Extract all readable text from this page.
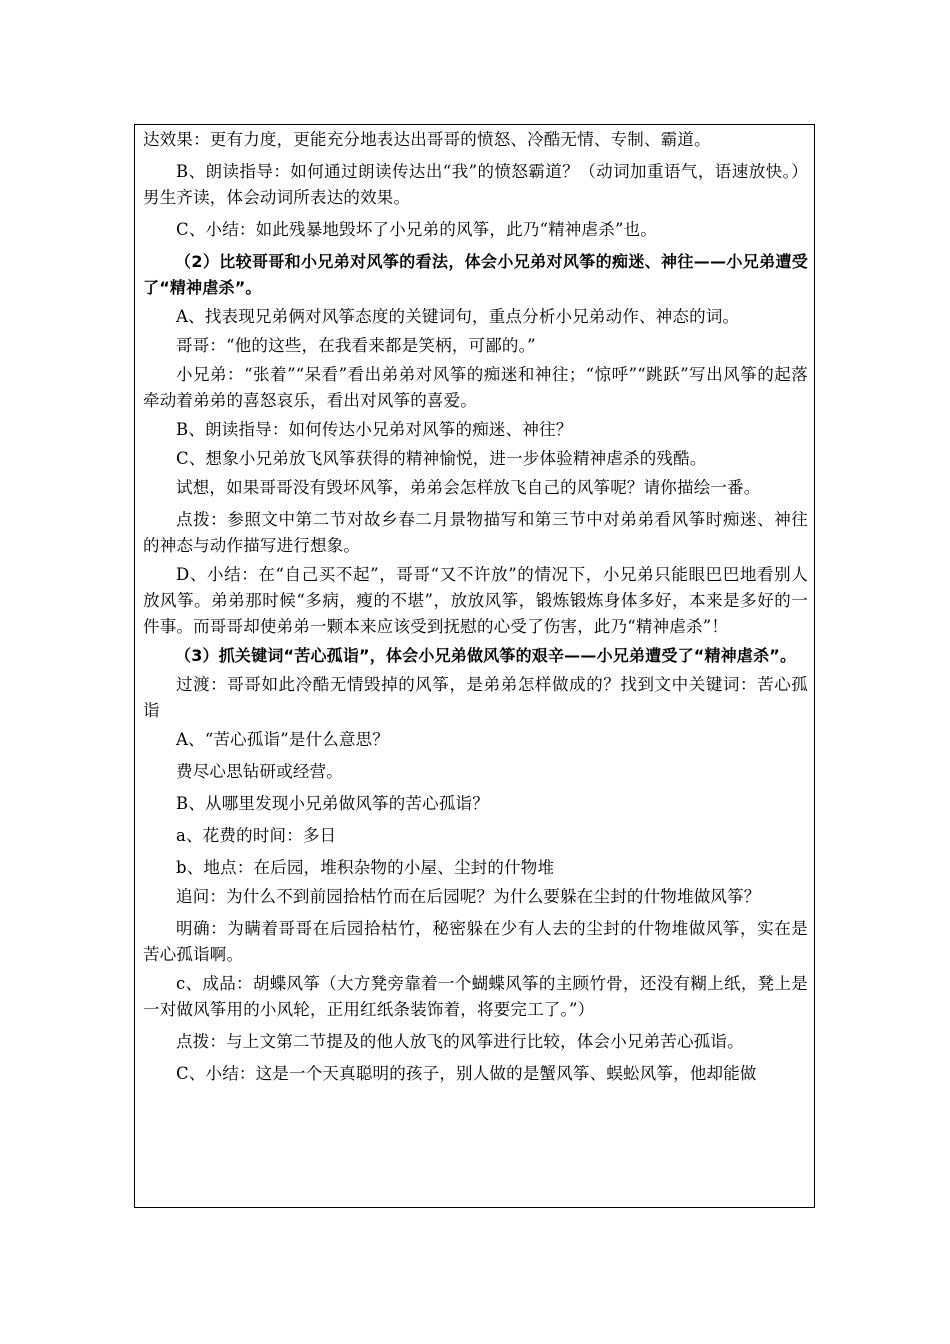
达效果：更有力度，更能充分地表达出哥哥的愤怒、冷酷无情、专制、霸道。

B、朗读指导：如何通过朗读传达出“我”的愤怒霸道？（动词加重语气，语速放快。）男生齐读，体会动词所表达的效果。

C、小结：如此残暴地毁坏了小兄弟的风筝，此乃“精神虐杀”也。

（2）比较哥哥和小兄弟对风筝的看法，体会小兄弟对风筝的痴迷、神往——小兄弟遭受了“精神虐杀”。

A、找表现兄弟俩对风筝态度的关键词句，重点分析小兄弟动作、神态的词。

哥哥：“他的这些，在我看来都是笑柄，可鄙的。”

小兄弟：“张着”“呆看”看出弟弟对风筝的痴迷和神往；“惊呼”“跳跃”写出风筝的起落牵动着弟弟的喜怒哀乐，看出对风筝的喜爱。

B、朗读指导：如何传达小兄弟对风筝的痴迷、神往？

C、想象小兄弟放飞风筝获得的精神愉悦，进一步体验精神虐杀的残酷。

试想，如果哥哥没有毁坏风筝，弟弟会怎样放飞自己的风筝呢？请你描绘一番。

点拨：参照文中第二节对故乡春二月景物描写和第三节中对弟弟看风筝时痴迷、神往的神态与动作描写进行想象。

D、小结：在“自己买不起”，哥哥“又不许放”的情况下，小兄弟只能眼巴巴地看别人放风筝。弟弟那时候“多病，瘦的不堪”，放放风筝，锻炼锻炼身体多好，本来是多好的一件事。而哥哥却使弟弟一颗本来应该受到抚慰的心受了伤害，此乃“精神虐杀”！

（3）抓关键词“苦心孤诣”，体会小兄弟做风筝的艰辛——小兄弟遭受了“精神虐杀”。

过渡：哥哥如此冷酷无情毁掉的风筝，是弟弟怎样做成的？找到文中关键词：苦心孤诣

A、“苦心孤诣”是什么意思？

费尽心思钻研或经营。

B、从哪里发现小兄弟做风筝的苦心孤诣？

a、花费的时间：多日

b、地点：在后园，堆积杂物的小屋、尘封的什物堆

追问：为什么不到前园拾枯竹而在后园呢？为什么要躲在尘封的什物堆做风筝？

明确：为瞒着哥哥在后园拾枯竹，秘密躲在少有人去的尘封的什物堆做风筝，实在是苦心孤诣啊。

c、成品：胡蝶风筝（大方凳旁靠着一个蝴蝶风筝的主顾竹骨，还没有糊上纸，凳上是一对做风筝用的小风轮，正用红纸条装饰着，将要完工了。”）

点拨：与上文第二节提及的他人放飞的风筝进行比较，体会小兄弟苦心孤诣。

C、小结：这是一个天真聪明的孩子，别人做的是蟹风筝、蜈蚣风筝，他却能做
